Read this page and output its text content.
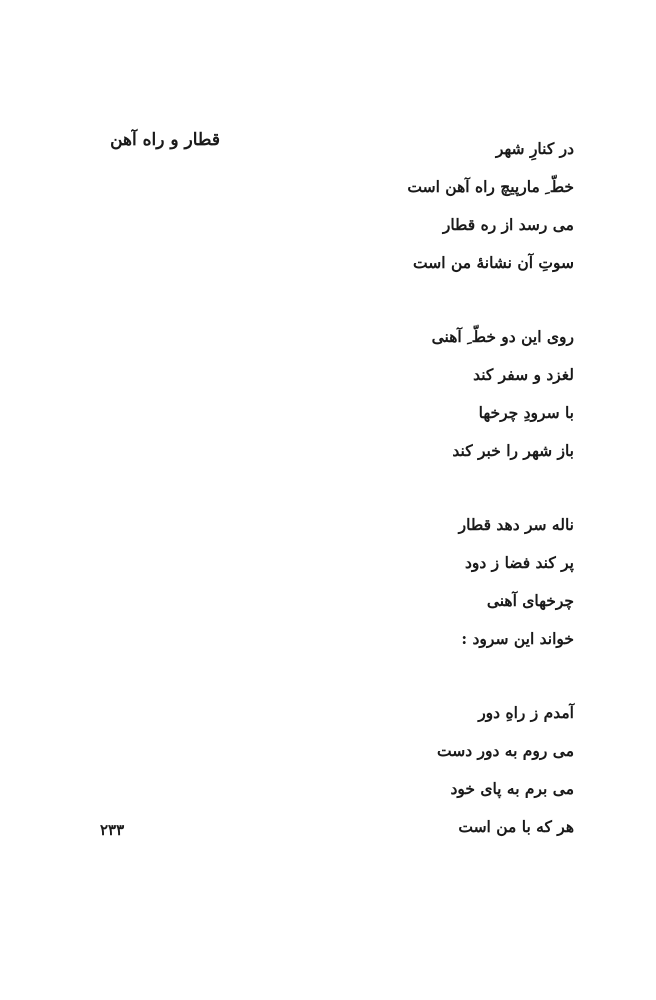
قطار و راه آهن	در کنارِ شهر
خطّ ِ مارپیچ راه آهن است
می رسد از ره قطار
سوتِ آن نشانهٔ من است
روی این دو خطّ ِ آهنی
لغزد و سفر کند
با سرودِ چرخها
باز شهر را خبر کند
ناله سر دهد قطار
پر کند فضا ز دود
چرخهای آهنی
خواند این سرود :
آمدم ز راهِ دور
می روم به دور دست
می برم به پای خود
هر که با من است
۲۳۳
